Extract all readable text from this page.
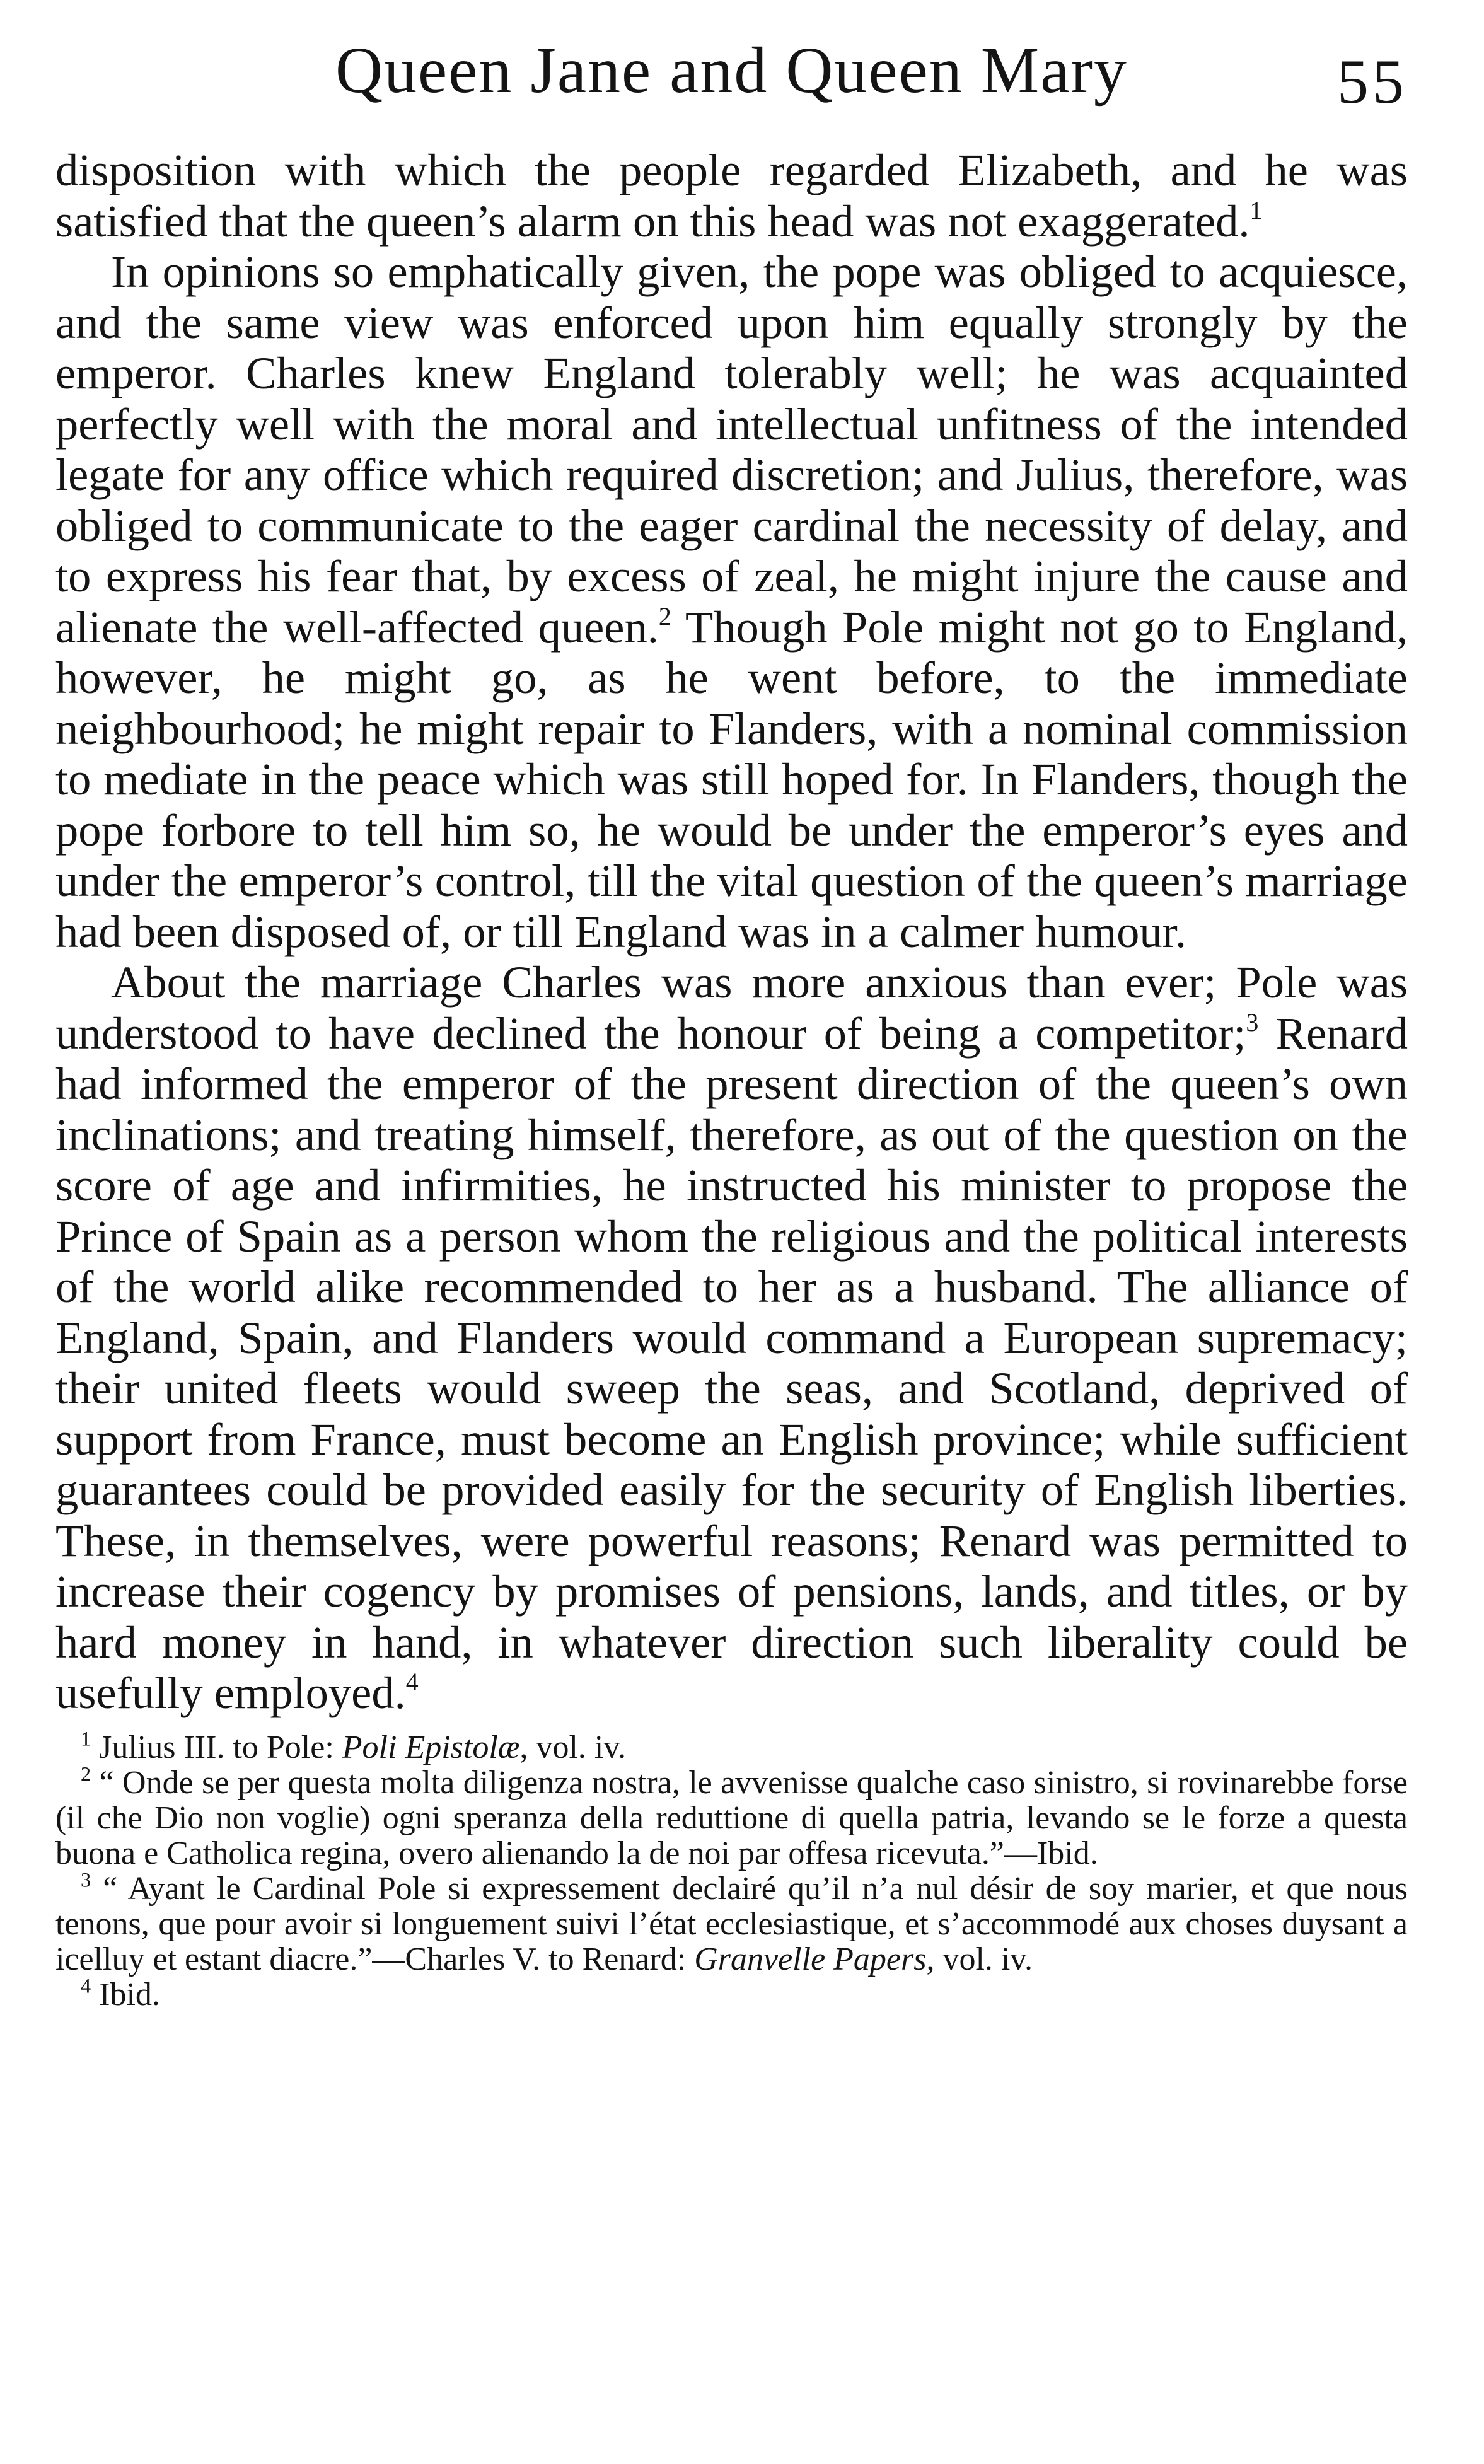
Queen Jane and Queen Mary	55

disposition with which the people regarded Elizabeth, and he was satisfied that the queen’s alarm on this head was not exaggerated.$^1$

In opinions so emphatically given, the pope was obliged to acquiesce, and the same view was enforced upon him equally strongly by the emperor. Charles knew England tolerably well; he was acquainted perfectly well with the moral and intellectual unfitness of the intended legate for any office which required discretion; and Julius, therefore, was obliged to communicate to the eager cardinal the necessity of delay, and to express his fear that, by excess of zeal, he might injure the cause and alienate the well-affected queen.$^2$ Though Pole might not go to England, however, he might go, as he went before, to the immediate neighbourhood; he might repair to Flanders, with a nominal commission to mediate in the peace which was still hoped for. In Flanders, though the pope forbore to tell him so, he would be under the emperor’s eyes and under the emperor’s control, till the vital question of the queen’s marriage had been disposed of, or till England was in a calmer humour.

About the marriage Charles was more anxious than ever; Pole was understood to have declined the honour of being a competitor;$^3$ Renard had informed the emperor of the present direction of the queen’s own inclinations; and treating himself, therefore, as out of the question on the score of age and infirmities, he instructed his minister to propose the Prince of Spain as a person whom the religious and the political interests of the world alike recommended to her as a husband. The alliance of England, Spain, and Flanders would command a European supremacy; their united fleets would sweep the seas, and Scotland, deprived of support from France, must become an English province; while sufficient guarantees could be provided easily for the security of English liberties. These, in themselves, were powerful reasons; Renard was permitted to increase their cogency by promises of pensions, lands, and titles, or by hard money in hand, in whatever direction such liberality could be usefully employed.$^4$

$^1$ Julius III. to Pole: Poli Epistolæ, vol. iv.

$^2$ “ Onde se per questa molta diligenza nostra, le avvenisse qualche caso sinistro, si rovinarebbe forse (il che Dio non voglie) ogni speranza della reduttione di quella patria, levando se le forze a questa buona e Catholica regina, overo alienando la de noi par offesa ricevuta.”—Ibid.

$^3$ “ Ayant le Cardinal Pole si expressement declairé qu’il n’a nul désir de soy marier, et que nous tenons, que pour avoir si longuement suivi l’état ecclesiastique, et s’accommodé aux choses duysant a icelluy et estant diacre.”—Charles V. to Renard: Granvelle Papers, vol. iv.

$^4$ Ibid.
